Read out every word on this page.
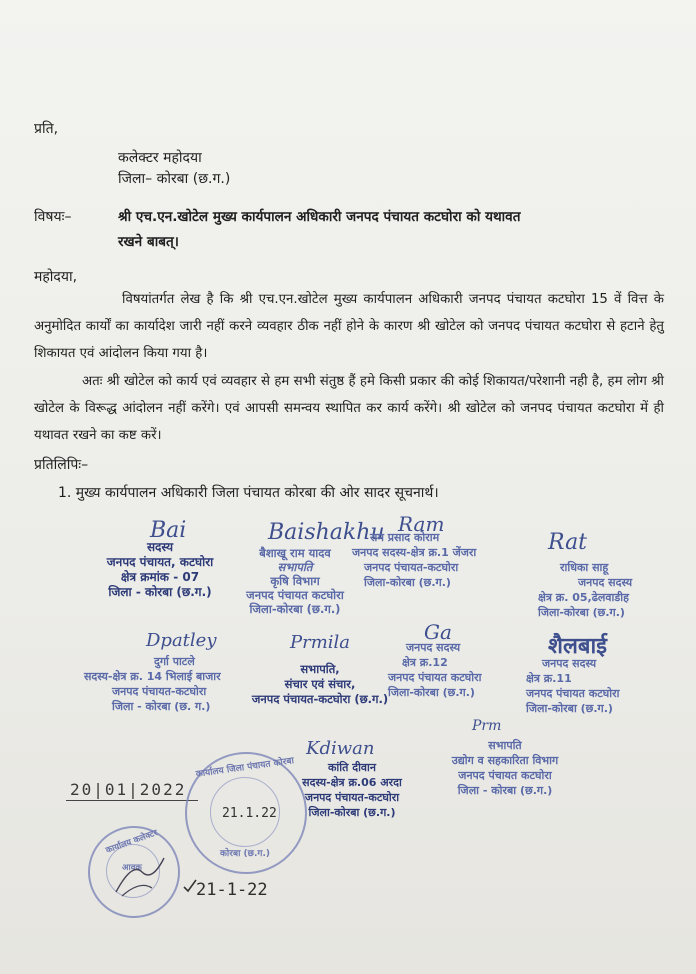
प्रति,
कलेक्टर महोदया
जिला– कोरबा (छ.ग.)
विषयः–	श्री एच.एन.खोटेल मुख्य कार्यपालन अधिकारी जनपद पंचायत कटघोरा को यथावत
रखने बाबत्।
महोदया,
विषयांतर्गत लेख है कि श्री एच.एन.खोटेल मुख्य कार्यपालन अधिकारी जनपद पंचायत कटघोरा 15 वें वित्त के अनुमोदित कार्यों का कार्यादेश जारी नहीं करने व्यवहार ठीक नहीं होने के कारण श्री खोटेल को जनपद पंचायत कटघोरा से हटाने हेतु शिकायत एवं आंदोलन किया गया है।
अतः श्री खोटेल को कार्य एवं व्यवहार से हम सभी संतुष्ठ हैं हमे किसी प्रकार की कोई शिकायत/परेशानी नही है, हम लोग श्री खोटेल के विरूद्ध आंदोलन नहीं करेंगे। एवं आपसी समन्वय स्थापित कर कार्य करेंगे। श्री खोटेल को जनपद पंचायत कटघोरा में ही यथावत रखने का कष्ट करें।
प्रतिलिपिः–
1. मुख्य कार्यपालन अधिकारी जिला पंचायत कोरबा की ओर सादर सूचनार्थ।
Bai
सदस्य
जनपद पंचायत, कटघोरा
क्षेत्र क्रमांक - 07
जिला - कोरबा (छ.ग.)
Baishakhu
बैशाखू राम यादव
सभापति
कृषि विभाग
जनपद पंचायत कटघोरा
जिला-कोरबा (छ.ग.)
Ram
राम प्रसाद कोराम
जनपद सदस्य-क्षेत्र क्र.1 जेंजरा
जनपद पंचायत-कटघोरा
जिला-कोरबा (छ.ग.)
Rat
राधिका साहू
जनपद सदस्य
क्षेत्र क्र. 05,ढेलवाडीह
जिला-कोरबा (छ.ग.)
Dpatley
दुर्गा पाटले
सदस्य-क्षेत्र क्र. 14 भिलाई बाजार
जनपद पंचायत-कटघोरा
जिला - कोरबा (छ. ग.)
Prmila
सभापति,
संचार एवं संचार,
जनपद पंचायत-कटघोरा (छ.ग.)
Ga
जनपद सदस्य
क्षेत्र क्र.12
जनपद पंचायत कटघोरा
जिला-कोरबा (छ.ग.)
शैलबाई
जनपद सदस्य
क्षेत्र क्र.11
जनपद पंचायत कटघोरा
जिला-कोरबा (छ.ग.)
Kdiwan
कांति दीवान
सदस्य-क्षेत्र क्र.06 अरदा
जनपद पंचायत-कटघोरा
जिला-कोरबा (छ.ग.)
Prm
सभापति
उद्योग व सहकारिता विभाग
जनपद पंचायत कटघोरा
जिला - कोरबा (छ.ग.)
20|01|2022
कार्यालय जिला पंचायत कोरबा
कोरबा (छ.ग.)
21.1.22
कार्यालय कलेक्टर
आवक
21-1-22
